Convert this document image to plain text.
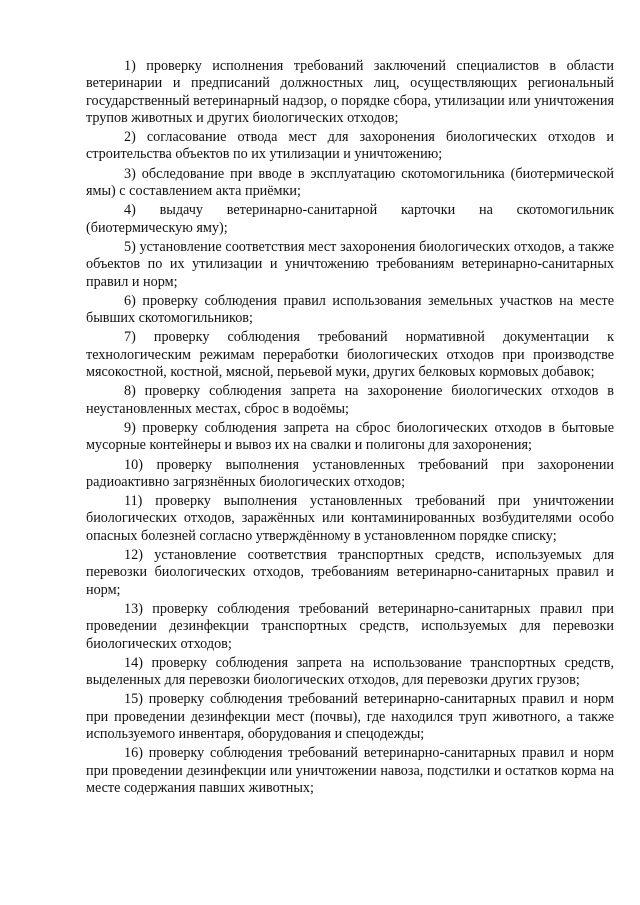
1) проверку исполнения требований заключений специалистов в области ветеринарии и предписаний должностных лиц, осуществляющих региональный государственный ветеринарный надзор, о порядке сбора, утилизации или уничтожения трупов животных и других биологических отходов;

2) согласование отвода мест для захоронения биологических отходов и строительства объектов по их утилизации и уничтожению;

3) обследование при вводе в эксплуатацию скотомогильника (биотермической ямы) с составлением акта приёмки;

4) выдачу ветеринарно-санитарной карточки на скотомогильник (биотермическую яму);

5) установление соответствия мест захоронения биологических отходов, а также объектов по их утилизации и уничтожению требованиям ветеринарно-санитарных правил и норм;

6) проверку соблюдения правил использования земельных участков на месте бывших скотомогильников;

7) проверку соблюдения требований нормативной документации к технологическим режимам переработки биологических отходов при производстве мясокостной, костной, мясной, перьевой муки, других белковых кормовых добавок;

8) проверку соблюдения запрета на захоронение биологических отходов в неустановленных местах, сброс в водоёмы;

9) проверку соблюдения запрета на сброс биологических отходов в бытовые мусорные контейнеры и вывоз их на свалки и полигоны для захоронения;

10) проверку выполнения установленных требований при захоронении радиоактивно загрязнённых биологических отходов;

11) проверку выполнения установленных требований при уничтожении биологических отходов, заражённых или контаминированных возбудителями особо опасных болезней согласно утверждённому в установленном порядке списку;

12) установление соответствия транспортных средств, используемых для перевозки биологических отходов, требованиям ветеринарно-санитарных правил и норм;

13) проверку соблюдения требований ветеринарно-санитарных правил при проведении дезинфекции транспортных средств, используемых для перевозки биологических отходов;

14) проверку соблюдения запрета на использование транспортных средств, выделенных для перевозки биологических отходов, для перевозки других грузов;

15) проверку соблюдения требований ветеринарно-санитарных правил и норм при проведении дезинфекции мест (почвы), где находился труп животного, а также используемого инвентаря, оборудования и спецодежды;

16) проверку соблюдения требований ветеринарно-санитарных правил и норм при проведении дезинфекции или уничтожении навоза, подстилки и остатков корма на месте содержания павших животных;
